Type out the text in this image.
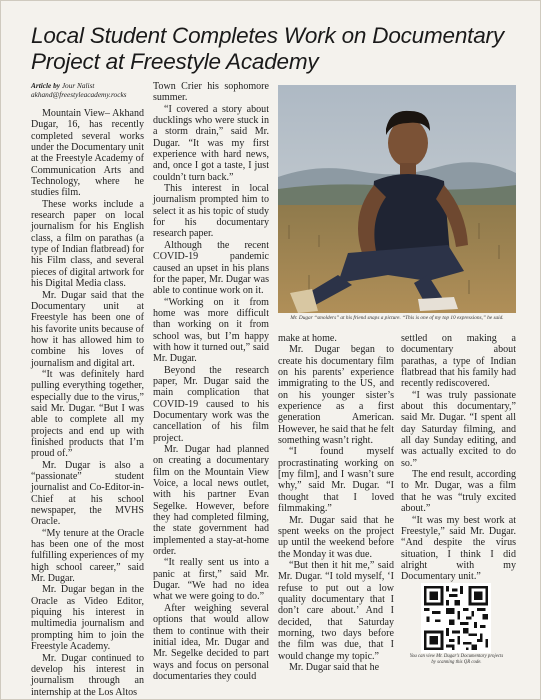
Local Student Completes Work on Documentary Project at Freestyle Academy
Article by Jour Nalist
akhand@freestyleacademy.rocks

Mountain View– Akhand Dugar, 16, has recently completed several works under the Documentary unit at the Freestyle Academy of Communication Arts and Technology, where he studies film.

These works include a research paper on local journalism for his English class, a film on parathas (a type of Indian flatbread) for his Film class, and several pieces of digital artwork for his Digital Media class.

Mr. Dugar said that the Documentary unit at Freestyle has been one of his favorite units because of how it has allowed him to combine his loves of journalism and digital art.

“It was definitely hard pulling everything together, especially due to the virus,” said Mr. Dugar. “But I was able to complete all my projects and end up with finished products that I’m proud of.”

Mr. Dugar is also a “passionate” student journalist and Co-Editor-in-Chief at his school newspaper, the MVHS Oracle.

“My tenure at the Oracle has been one of the most fulfilling experiences of my high school career,” said Mr. Dugar.

Mr. Dugar began in the Oracle as Video Editor, piquing his interest in multimedia journalism and prompting him to join the Freestyle Academy.

Mr. Dugar continued to develop his interest in journalism through an internship at the Los Altos

Town Crier his sophomore summer.

“I covered a story about ducklings who were stuck in a storm drain,” said Mr. Dugar. “It was my first experience with hard news, and, once I got a taste, I just couldn’t turn back.”

This interest in local journalism prompted him to select it as his topic of study for his documentary research paper.

Although the recent COVID-19 pandemic caused an upset in his plans for the paper, Mr. Dugar was able to continue work on it.

“Working on it from home was more difficult than working on it from school was, but I’m happy with how it turned out,” said Mr. Dugar.

Beyond the research paper, Mr. Dugar said the main complication that COVID-19 caused to his Documentary work was the cancellation of his film project.

Mr. Dugar had planned on creating a documentary film on the Mountain View Voice, a local news outlet, with his partner Evan Segelke. However, before they had completed filming, the state government had implemented a stay-at-home order.

“It really sent us into a panic at first,” said Mr. Dugar. “We had no idea what we were going to do.”

After weighing several options that would allow them to continue with their initial idea, Mr. Dugar and Mr. Segelke decided to part ways and focus on personal documentaries they could

Mr. Dugar “smolders” at his friend snaps a picture. “This is one of my top 10 expressions,” he said.

make at home.

Mr. Dugar began to create his documentary film on his parents’ experience immigrating to the US, and on his younger sister’s experience as a first generation American. However, he said that he felt something wasn’t right.

“I found myself procrastinating working on [my film], and I wasn’t sure why,” said Mr. Dugar. “I thought that I loved filmmaking.”

Mr. Dugar said that he spent weeks on the project up until the weekend before the Monday it was due.

“But then it hit me,” said Mr. Dugar. “I told myself, ‘I refuse to put out a low quality documentary that I don’t care about.’ And I decided, that Saturday morning, two days before the film was due, that I would change my topic.”

Mr. Dugar said that he

settled on making a documentary about parathas, a type of Indian flatbread that his family had recently rediscovered.

“I was truly passionate about this documentary,” said Mr. Dugar. “I spent all day Saturday filming, and all day Sunday editing, and was actually excited to do so.”

The end result, according to Mr. Dugar, was a film that he was “truly excited about.”

“It was my best work at Freestyle,” said Mr. Dugar. “And despite the virus situation, I think I did alright with my Documentary unit.”

You can view Mr. Dugar’s Documentary projects by scanning this QR code.
